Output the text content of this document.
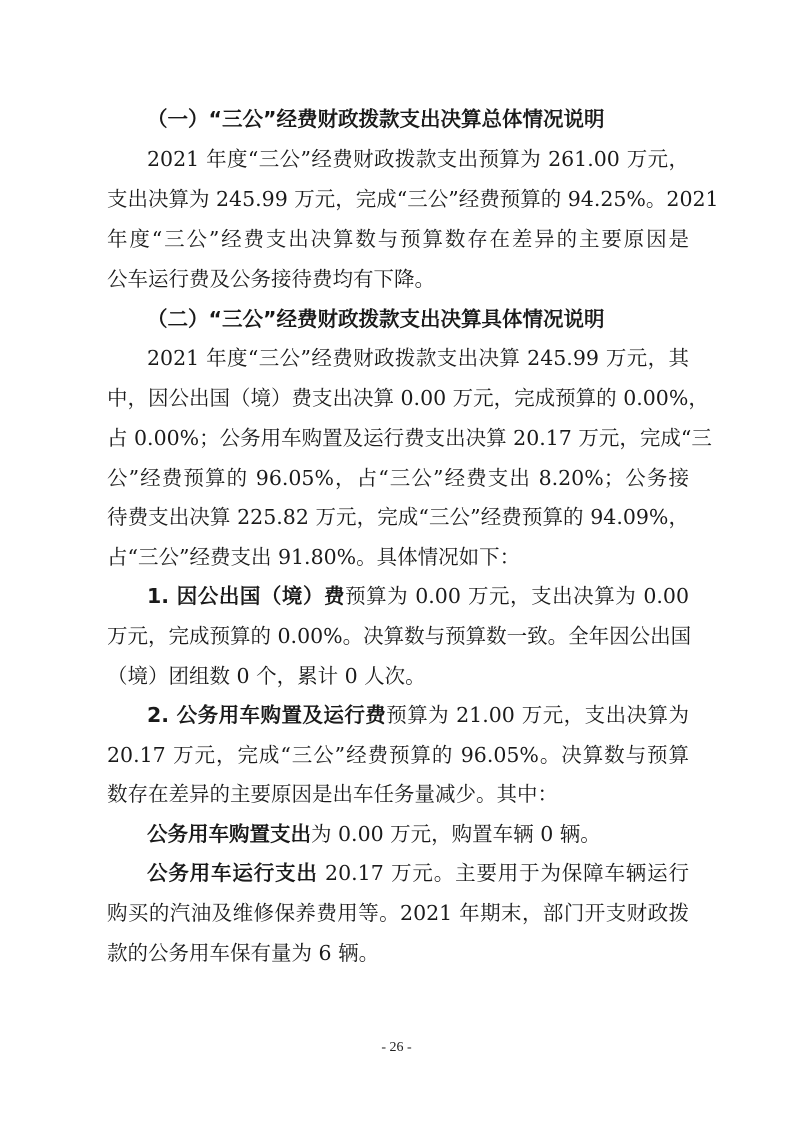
（一）“三公”经费财政拨款支出决算总体情况说明
2021 年度“三公”经费财政拨款支出预算为 261.00 万元，
支出决算为 245.99 万元，完成“三公”经费预算的 94.25%。2021
年度“三公”经费支出决算数与预算数存在差异的主要原因是
公车运行费及公务接待费均有下降。
（二）“三公”经费财政拨款支出决算具体情况说明
2021 年度“三公”经费财政拨款支出决算 245.99 万元，其
中，因公出国（境）费支出决算 0.00 万元，完成预算的 0.00%，
占 0.00%；公务用车购置及运行费支出决算 20.17 万元，完成“三
公”经费预算的 96.05%，占“三公”经费支出 8.20%；公务接
待费支出决算 225.82 万元，完成“三公”经费预算的 94.09%，
占“三公”经费支出 91.80%。具体情况如下：
1. 因公出国（境）费预算为 0.00 万元，支出决算为 0.00
万元，完成预算的 0.00%。决算数与预算数一致。全年因公出国
（境）团组数 0 个，累计 0 人次。
2. 公务用车购置及运行费预算为 21.00 万元，支出决算为
20.17 万元，完成“三公”经费预算的 96.05%。决算数与预算
数存在差异的主要原因是出车任务量减少。其中：
公务用车购置支出为 0.00 万元，购置车辆 0 辆。
公务用车运行支出 20.17 万元。主要用于为保障车辆运行
购买的汽油及维修保养费用等。2021 年期末，部门开支财政拨
款的公务用车保有量为 6 辆。
- 26 -
